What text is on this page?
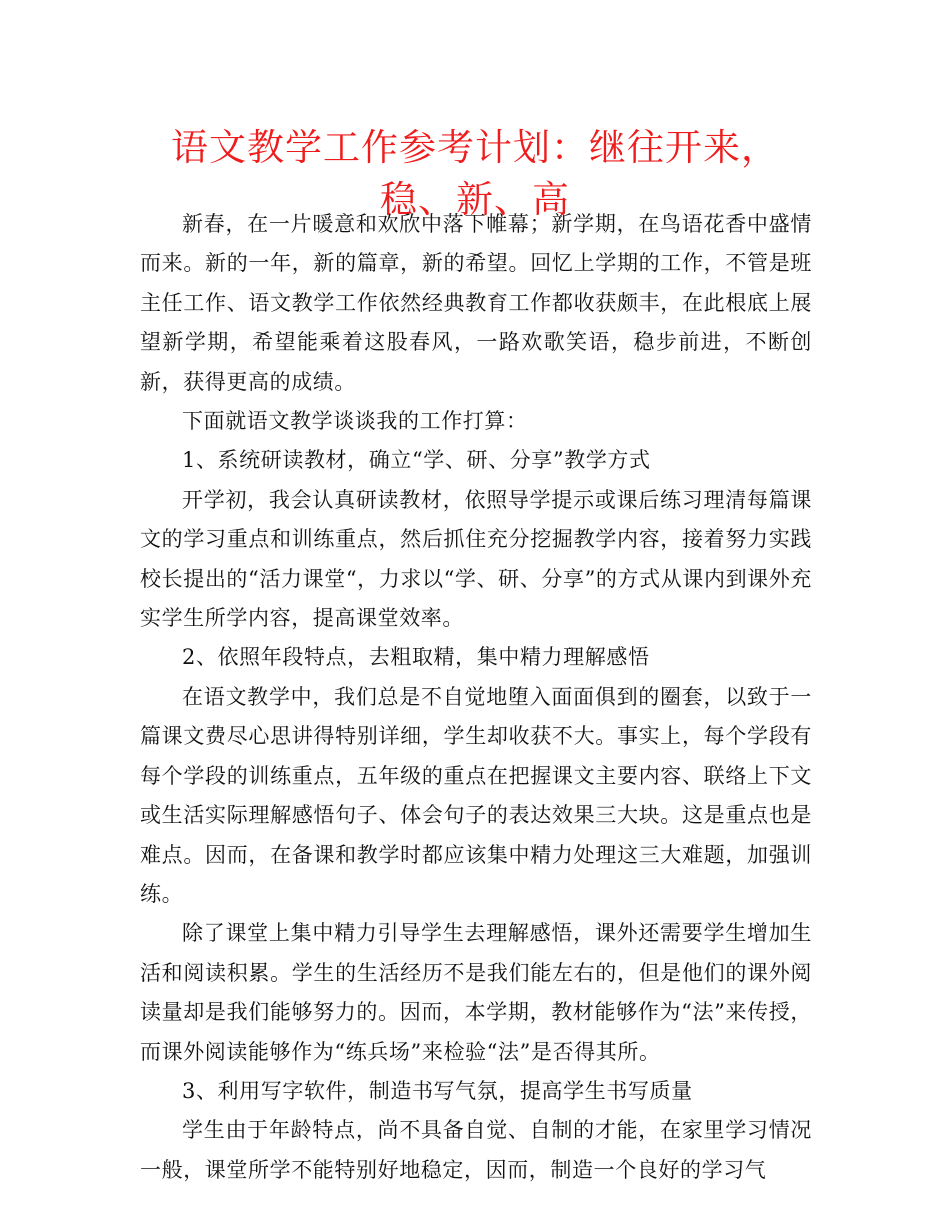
语文教学工作参考计划：继往开来，稳、新、高

新春，在一片暖意和欢欣中落下帷幕；新学期，在鸟语花香中盛情而来。新的一年，新的篇章，新的希望。回忆上学期的工作，不管是班主任工作、语文教学工作依然经典教育工作都收获颇丰，在此根底上展望新学期，希望能乘着这股春风，一路欢歌笑语，稳步前进，不断创新，获得更高的成绩。

下面就语文教学谈谈我的工作打算：

1、系统研读教材，确立“学、研、分享”教学方式

开学初，我会认真研读教材，依照导学提示或课后练习理清每篇课文的学习重点和训练重点，然后抓住充分挖掘教学内容，接着努力实践校长提出的“活力课堂“，力求以“学、研、分享”的方式从课内到课外充实学生所学内容，提高课堂效率。

2、依照年段特点，去粗取精，集中精力理解感悟

在语文教学中，我们总是不自觉地堕入面面俱到的圈套，以致于一篇课文费尽心思讲得特别详细，学生却收获不大。事实上，每个学段有每个学段的训练重点，五年级的重点在把握课文主要内容、联络上下文或生活实际理解感悟句子、体会句子的表达效果三大块。这是重点也是难点。因而，在备课和教学时都应该集中精力处理这三大难题，加强训练。

除了课堂上集中精力引导学生去理解感悟，课外还需要学生增加生活和阅读积累。学生的生活经历不是我们能左右的，但是他们的课外阅读量却是我们能够努力的。因而，本学期，教材能够作为“法”来传授，而课外阅读能够作为“练兵场”来检验“法”是否得其所。

3、利用写字软件，制造书写气氛，提高学生书写质量

学生由于年龄特点，尚不具备自觉、自制的才能，在家里学习情况一般，课堂所学不能特别好地稳定，因而，制造一个良好的学习气
